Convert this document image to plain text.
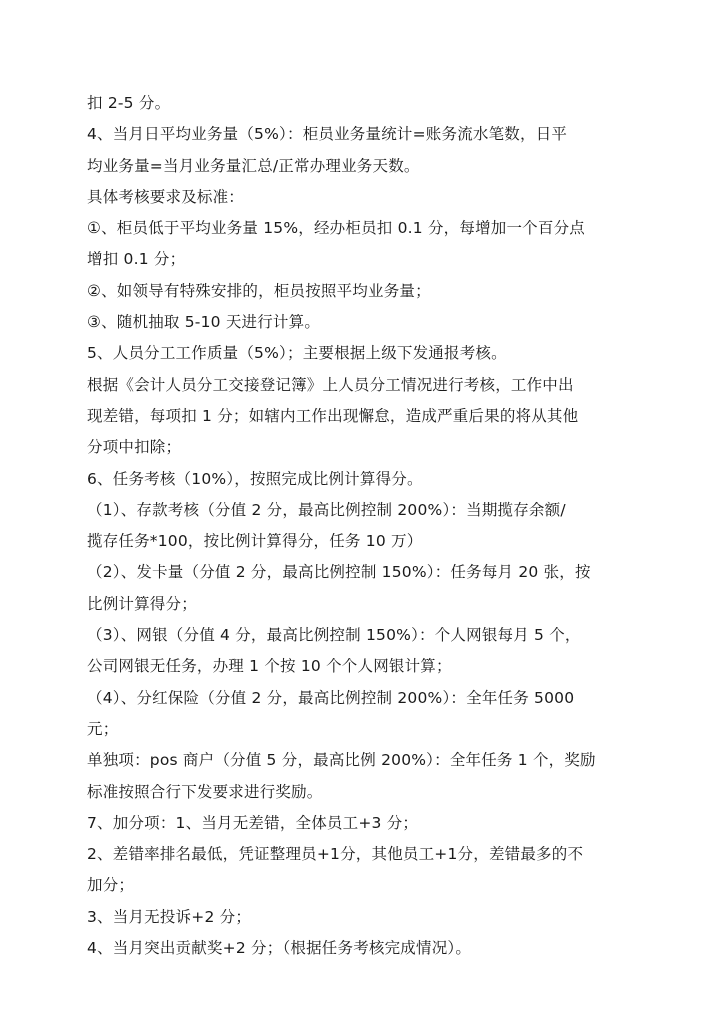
扣 2-5 分。
4、当月日平均业务量（5%）：柜员业务量统计=账务流水笔数，日平
均业务量=当月业务量汇总/正常办理业务天数。
具体考核要求及标准：
①、柜员低于平均业务量 15%，经办柜员扣 0.1 分，每增加一个百分点
增扣 0.1 分；
②、如领导有特殊安排的，柜员按照平均业务量；
③、随机抽取 5-10 天进行计算。
5、人员分工工作质量（5%）；主要根据上级下发通报考核。
根据《会计人员分工交接登记簿》上人员分工情况进行考核，工作中出
现差错，每项扣 1 分；如辖内工作出现懈怠，造成严重后果的将从其他
分项中扣除；
6、任务考核（10%），按照完成比例计算得分。
（1）、存款考核（分值 2 分，最高比例控制 200%）：当期揽存余额/
揽存任务*100，按比例计算得分，任务 10 万）
（2）、发卡量（分值 2 分，最高比例控制 150%）：任务每月 20 张，按
比例计算得分；
（3）、网银（分值 4 分，最高比例控制 150%）：个人网银每月 5 个，
公司网银无任务，办理 1 个按 10 个个人网银计算；
（4）、分红保险（分值 2 分，最高比例控制 200%）：全年任务 5000
元；
单独项：pos 商户（分值 5 分，最高比例 200%）：全年任务 1 个，奖励
标准按照合行下发要求进行奖励。
7、加分项：1、当月无差错，全体员工+3 分；
2、差错率排名最低，凭证整理员+1分，其他员工+1分，差错最多的不
加分；
3、当月无投诉+2 分；
4、当月突出贡献奖+2 分；（根据任务考核完成情况）。
